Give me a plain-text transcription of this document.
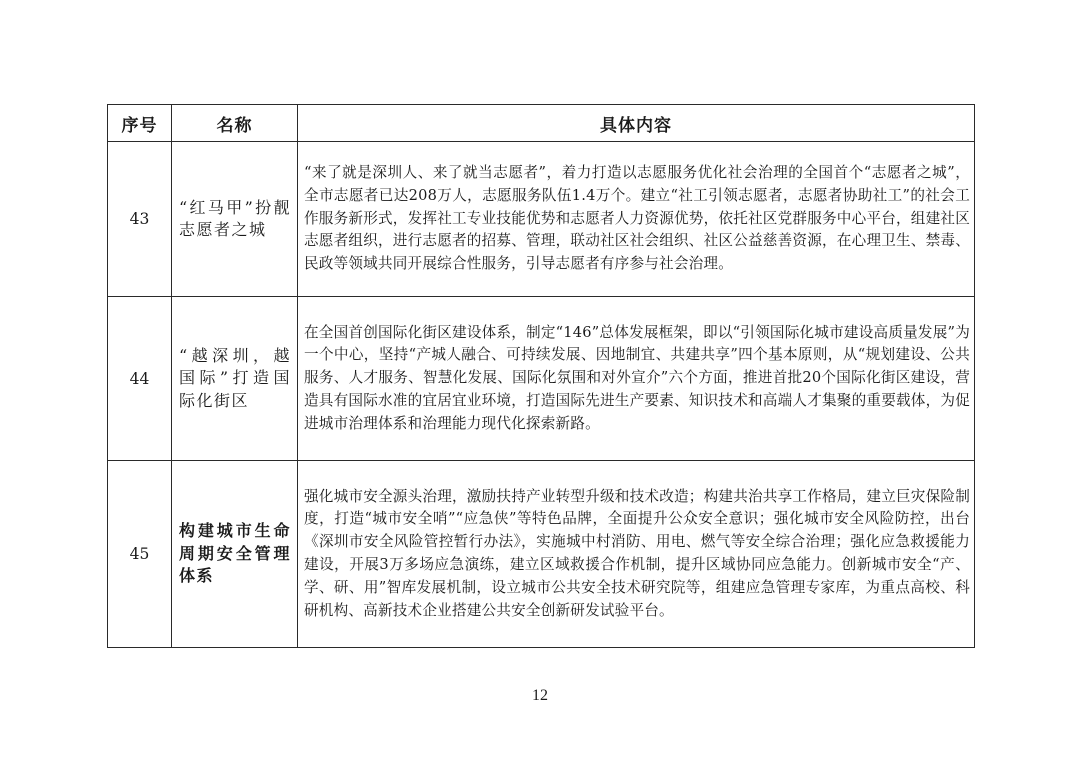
序号	名称	具体内容
43	“红马甲”扮靓志愿者之城	“来了就是深圳人、来了就当志愿者”，着力打造以志愿服务优化社会治理的全国首个“志愿者之城”，全市志愿者已达208万人，志愿服务队伍1.4万个。建立“社工引领志愿者，志愿者协助社工”的社会工作服务新形式，发挥社工专业技能优势和志愿者人力资源优势，依托社区党群服务中心平台，组建社区志愿者组织，进行志愿者的招募、管理，联动社区社会组织、社区公益慈善资源，在心理卫生、禁毒、民政等领域共同开展综合性服务，引导志愿者有序参与社会治理。
44	“越深圳，越国际”打造国际化街区	在全国首创国际化街区建设体系，制定“146”总体发展框架，即以“引领国际化城市建设高质量发展”为一个中心，坚持“产城人融合、可持续发展、因地制宜、共建共享”四个基本原则，从“规划建设、公共服务、人才服务、智慧化发展、国际化氛围和对外宣介”六个方面，推进首批20个国际化街区建设，营造具有国际水准的宜居宜业环境，打造国际先进生产要素、知识技术和高端人才集聚的重要载体，为促进城市治理体系和治理能力现代化探索新路。
45	构建城市生命周期安全管理体系	强化城市安全源头治理，激励扶持产业转型升级和技术改造；构建共治共享工作格局，建立巨灾保险制度，打造“城市安全哨”“应急侠”等特色品牌，全面提升公众安全意识；强化城市安全风险防控，出台《深圳市安全风险管控暂行办法》，实施城中村消防、用电、燃气等安全综合治理；强化应急救援能力建设，开展3万多场应急演练，建立区域救援合作机制，提升区域协同应急能力。创新城市安全“产、学、研、用”智库发展机制，设立城市公共安全技术研究院等，组建应急管理专家库，为重点高校、科研机构、高新技术企业搭建公共安全创新研发试验平台。
12
